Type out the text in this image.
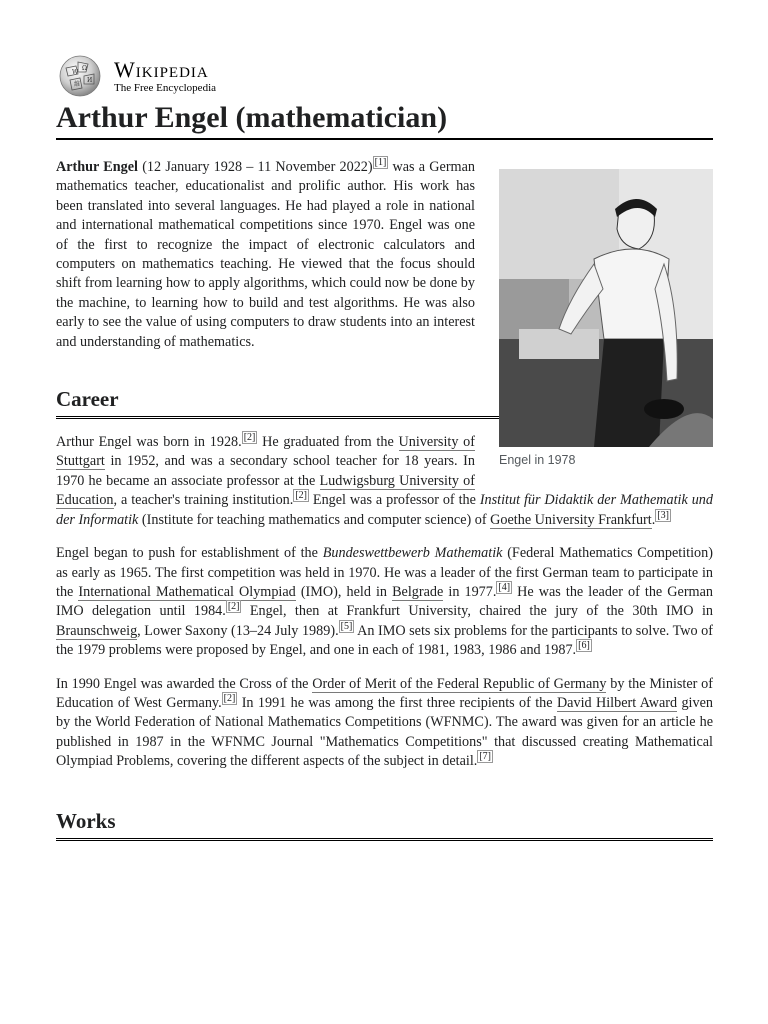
W
Ω
И
維
Wikipedia
The Free Encyclopedia
Arthur Engel (mathematician)
Engel in 1978

Arthur Engel (12 January 1928 – 11 November 2022) [1] was a German mathematics teacher, educationalist and prolific author. His work has been translated into several languages. He had played a role in national and international mathematical competitions since 1970. Engel was one of the first to recognize the impact of electronic calculators and computers on mathematics teaching. He viewed that the focus should shift from learning how to apply algorithms, which could now be done by the machine, to learning how to build and test algorithms. He was also early to see the value of using computers to draw students into an interest and understanding of mathematics.

Career

Arthur Engel was born in 1928. [2] He graduated from the University of Stuttgart in 1952, and was a secondary school teacher for 18 years. In 1970 he became an associate professor at the Ludwigsburg University of Education, a teacher's training institution. [2] Engel was a professor of the Institut für Didaktik der Mathematik und der Informatik (Institute for teaching mathematics and computer science) of Goethe University Frankfurt. [3]

Engel began to push for establishment of the Bundeswettbewerb Mathematik (Federal Mathematics Competition) as early as 1965. The first competition was held in 1970. He was a leader of the first German team to participate in the International Mathematical Olympiad (IMO), held in Belgrade in 1977. [4] He was the leader of the German IMO delegation until 1984. [2] Engel, then at Frankfurt University, chaired the jury of the 30th IMO in Braunschweig, Lower Saxony (13–24 July 1989). [5] An IMO sets six problems for the participants to solve. Two of the 1979 problems were proposed by Engel, and one in each of 1981, 1983, 1986 and 1987. [6]

In 1990 Engel was awarded the Cross of the Order of Merit of the Federal Republic of Germany by the Minister of Education of West Germany. [2] In 1991 he was among the first three recipients of the David Hilbert Award given by the World Federation of National Mathematics Competitions (WFNMC). The award was given for an article he published in 1987 in the WFNMC Journal "Mathematics Competitions" that discussed creating Mathematical Olympiad Problems, covering the different aspects of the subject in detail. [7]

Works
